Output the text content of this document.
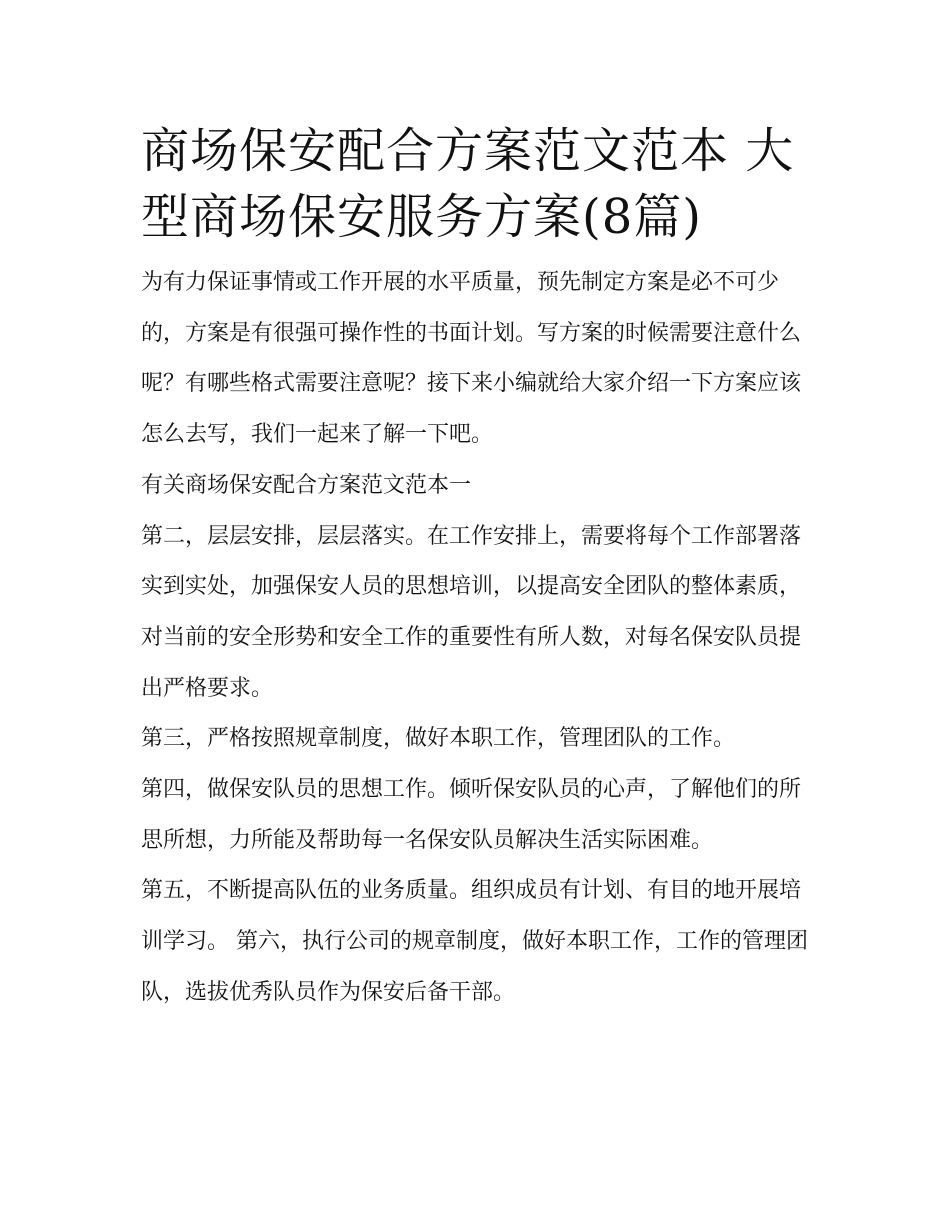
商场保安配合方案范文范本 大型商场保安服务方案(8篇)

为有力保证事情或工作开展的水平质量，预先制定方案是必不可少的，方案是有很强可操作性的书面计划。写方案的时候需要注意什么呢？有哪些格式需要注意呢？接下来小编就给大家介绍一下方案应该怎么去写，我们一起来了解一下吧。

有关商场保安配合方案范文范本一

第二，层层安排，层层落实。在工作安排上，需要将每个工作部署落实到实处，加强保安人员的思想培训，以提高安全团队的整体素质，对当前的安全形势和安全工作的重要性有所人数，对每名保安队员提出严格要求。

第三，严格按照规章制度，做好本职工作，管理团队的工作。

第四，做保安队员的思想工作。倾听保安队员的心声，了解他们的所思所想，力所能及帮助每一名保安队员解决生活实际困难。

第五，不断提高队伍的业务质量。组织成员有计划、有目的地开展培训学习。 第六，执行公司的规章制度，做好本职工作，工作的管理团队，选拔优秀队员作为保安后备干部。
